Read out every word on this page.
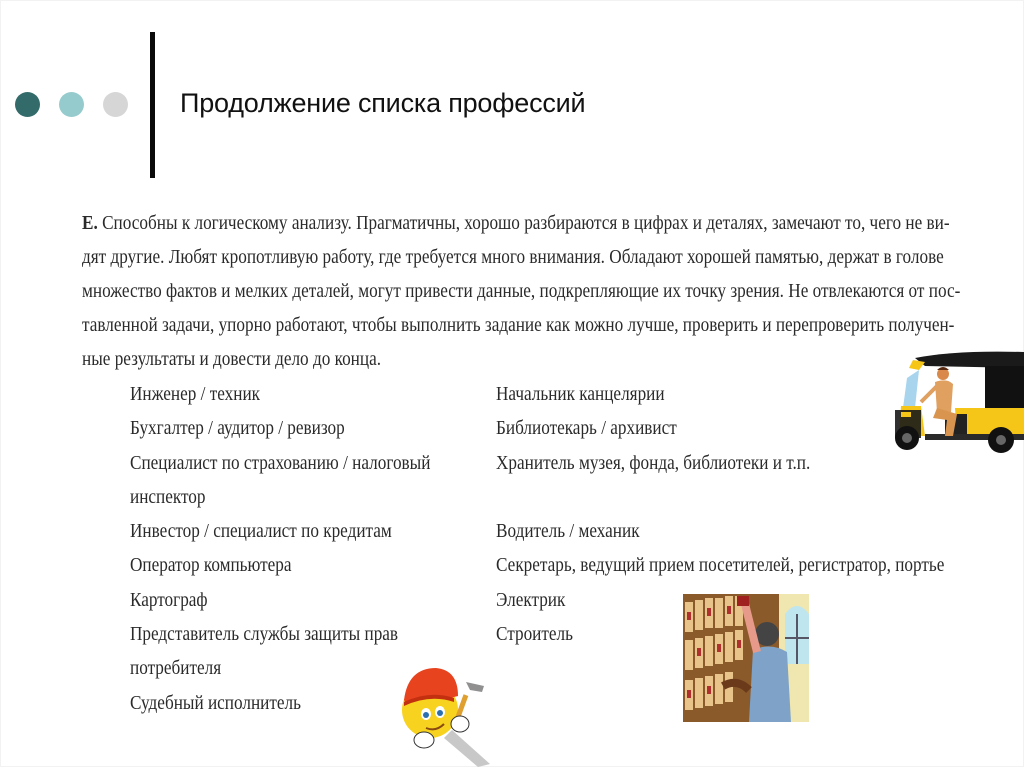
Продолжение списка профессий
Е. Способны к логическому анализу. Прагматичны, хорошо разбираются в цифрах и деталях, замечают то, чего не ви-
дят другие. Любят кропотливую работу, где требуется много внимания. Обладают хорошей памятью, держат в голове
множество фактов и мелких деталей, могут привести данные, подкрепляющие их точку зрения. Не отвлекаются от пос-
тавленной задачи, упорно работают, чтобы выполнить задание как можно лучше, проверить и перепроверить получен-
ные результаты и довести дело до конца.
Инженер / техник
Бухгалтер / аудитор / ревизор
Специалист по страхованию / налоговый
инспектор
Инвестор / специалист по кредитам
Оператор компьютера
Картограф
Представитель службы защиты прав
потребителя
Судебный исполнитель
Начальник канцелярии
Библиотекарь / архивист
Хранитель музея, фонда, библиотеки и т.п.
Водитель / механик
Секретарь, ведущий прием посетителей, регистратор, портье
Электрик
Строитель
